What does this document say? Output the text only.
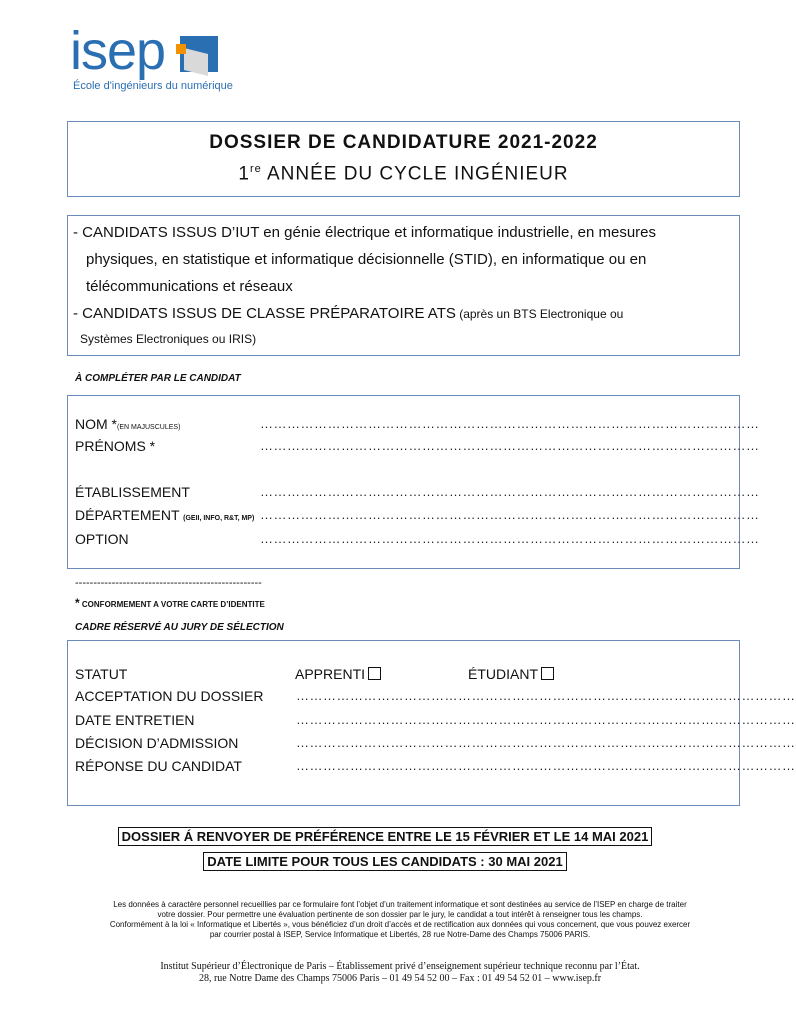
isep
École d'ingénieurs du numérique
DOSSIER DE CANDIDATURE 2021-2022
1re ANNÉE DU CYCLE INGÉNIEUR
- CANDIDATS ISSUS D’IUT en génie électrique et informatique industrielle, en mesures
physiques, en statistique et informatique décisionnelle (STID), en informatique ou en
télécommunications et réseaux
- CANDIDATS ISSUS DE CLASSE PRÉPARATOIRE ATS (après un BTS Electronique ou
Systèmes Electroniques ou IRIS)
À COMPLÉTER PAR LE CANDIDAT
NOM *(EN MAJUSCULES)	…………………………………………………………………………………………………
PRÉNOMS *	…………………………………………………………………………………………………
ÉTABLISSEMENT	…………………………………………………………………………………………………
DÉPARTEMENT (GEII, INFO, R&T, MP) …………………………………………………………………………………………………
OPTION	…………………………………………………………………………………………………
---------------------------------------------------
* CONFORMEMENT A VOTRE CARTE D’IDENTITE
CADRE RÉSERVÉ AU JURY DE SÉLECTION
STATUT	APPRENTI	ÉTUDIANT
ACCEPTATION DU DOSSIER …………………………………………………………………………………………………
DATE ENTRETIEN	…………………………………………………………………………………………………
DÉCISION D’ADMISSION	…………………………………………………………………………………………………
RÉPONSE DU CANDIDAT	…………………………………………………………………………………………………
DOSSIER Á RENVOYER DE PRÉFÉRENCE ENTRE LE 15 FÉVRIER ET LE 14 MAI 2021
DATE LIMITE POUR TOUS LES CANDIDATS : 30 MAI 2021
Les données à caractère personnel recueillies par ce formulaire font l’objet d’un traitement informatique et sont destinées au service de l’ISEP en charge de traiter
votre dossier. Pour permettre une évaluation pertinente de son dossier par le jury, le candidat a tout intérêt à renseigner tous les champs.
Conformément à la loi « Informatique et Libertés », vous bénéficiez d’un droit d’accès et de rectification aux données qui vous concernent, que vous pouvez exercer
par courrier postal à ISEP, Service Informatique et Libertés, 28 rue Notre-Dame des Champs 75006 PARIS.
Institut Supérieur d’Électronique de Paris – Établissement privé d’enseignement supérieur technique reconnu par l’État.
28, rue Notre Dame des Champs 75006 Paris – 01 49 54 52 00 – Fax : 01 49 54 52 01 – www.isep.fr
